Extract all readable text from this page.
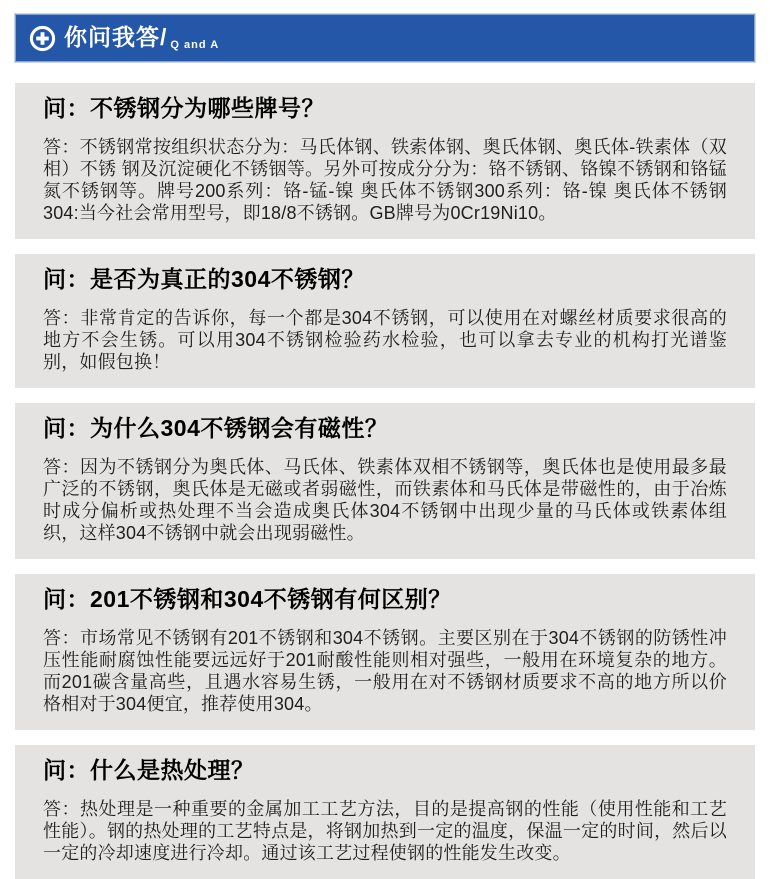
你问我答/ Q and A
问：不锈钢分为哪些牌号？
答：不锈钢常按组织状态分为：马氏体钢、铁索体钢、奥氏体钢、奥氏体-铁素体（双相）不锈 钢及沉淀硬化不锈铟等。另外可按成分分为：铬不锈钢、铬镍不锈钢和铬锰氮不锈钢等。牌号200系列：铬-锰-镍 奥氏体不锈钢300系列：铬-镍 奥氏体不锈钢304:当今社会常用型号，即18/8不锈钢。GB牌号为0Cr19Ni10。
问：是否为真正的304不锈钢？
答：非常肯定的告诉你，每一个都是304不锈钢，可以使用在对螺丝材质要求很高的地方不会生锈。可以用304不锈钢检验药水检验，也可以拿去专业的机构打光谱鉴别，如假包换！
问：为什么304不锈钢会有磁性？
答：因为不锈钢分为奥氏体、马氏体、铁素体双相不锈钢等，奥氏体也是使用最多最广泛的不锈钢，奥氏体是无磁或者弱磁性，而铁素体和马氏体是带磁性的，由于冶炼时成分偏析或热处理不当会造成奥氏体304不锈钢中出现少量的马氏体或铁素体组织，这样304不锈钢中就会出现弱磁性。
问：201不锈钢和304不锈钢有何区别？
答：市场常见不锈钢有201不锈钢和304不锈钢。主要区别在于304不锈钢的防锈性冲压性能耐腐蚀性能要远远好于201耐酸性能则相对强些，一般用在环境复杂的地方。而201碳含量高些，且遇水容易生锈，一般用在对不锈钢材质要求不高的地方所以价格相对于304便宜，推荐使用304。
问：什么是热处理？
答：热处理是一种重要的金属加工工艺方法，目的是提高钢的性能（使用性能和工艺性能）。钢的热处理的工艺特点是，将钢加热到一定的温度，保温一定的时间，然后以一定的冷却速度进行冷却。通过该工艺过程使钢的性能发生改变。
